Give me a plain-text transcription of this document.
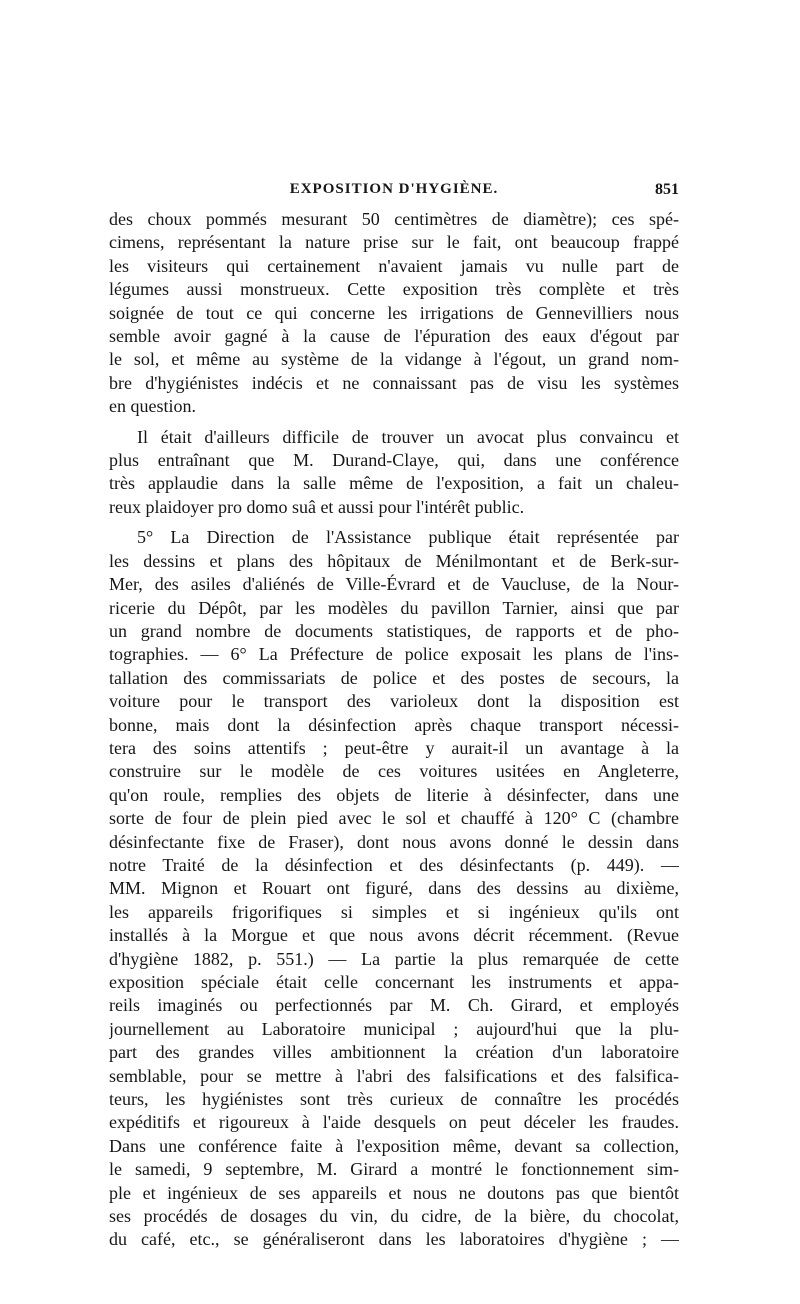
EXPOSITION D'HYGIÈNE.	851

des choux pommés mesurant 50 centimètres de diamètre); ces spé-
cimens, représentant la nature prise sur le fait, ont beaucoup frappé
les visiteurs qui certainement n'avaient jamais vu nulle part de
légumes aussi monstrueux. Cette exposition très complète et très
soignée de tout ce qui concerne les irrigations de Gennevilliers nous
semble avoir gagné à la cause de l'épuration des eaux d'égout par
le sol, et même au système de la vidange à l'égout, un grand nom-
bre d'hygiénistes indécis et ne connaissant pas de visu les systèmes
en question.

Il était d'ailleurs difficile de trouver un avocat plus convaincu et
plus entraînant que M. Durand-Claye, qui, dans une conférence
très applaudie dans la salle même de l'exposition, a fait un chaleu-
reux plaidoyer pro domo suâ et aussi pour l'intérêt public.

5° La Direction de l'Assistance publique était représentée par
les dessins et plans des hôpitaux de Ménilmontant et de Berk-sur-
Mer, des asiles d'aliénés de Ville-Évrard et de Vaucluse, de la Nour-
ricerie du Dépôt, par les modèles du pavillon Tarnier, ainsi que par
un grand nombre de documents statistiques, de rapports et de pho-
tographies. — 6° La Préfecture de police exposait les plans de l'ins-
tallation des commissariats de police et des postes de secours, la
voiture pour le transport des varioleux dont la disposition est
bonne, mais dont la désinfection après chaque transport nécessi-
tera des soins attentifs ; peut-être y aurait-il un avantage à la
construire sur le modèle de ces voitures usitées en Angleterre,
qu'on roule, remplies des objets de literie à désinfecter, dans une
sorte de four de plein pied avec le sol et chauffé à 120° C (chambre
désinfectante fixe de Fraser), dont nous avons donné le dessin dans
notre Traité de la désinfection et des désinfectants (p. 449). —
MM. Mignon et Rouart ont figuré, dans des dessins au dixième,
les appareils frigorifiques si simples et si ingénieux qu'ils ont
installés à la Morgue et que nous avons décrit récemment. (Revue
d'hygiène 1882, p. 551.) — La partie la plus remarquée de cette
exposition spéciale était celle concernant les instruments et appa-
reils imaginés ou perfectionnés par M. Ch. Girard, et employés
journellement au Laboratoire municipal ; aujourd'hui que la plu-
part des grandes villes ambitionnent la création d'un laboratoire
semblable, pour se mettre à l'abri des falsifications et des falsifica-
teurs, les hygiénistes sont très curieux de connaître les procédés
expéditifs et rigoureux à l'aide desquels on peut déceler les fraudes.
Dans une conférence faite à l'exposition même, devant sa collection,
le samedi, 9 septembre, M. Girard a montré le fonctionnement sim-
ple et ingénieux de ses appareils et nous ne doutons pas que bientôt
ses procédés de dosages du vin, du cidre, de la bière, du chocolat,
du café, etc., se généraliseront dans les laboratoires d'hygiène ; —
